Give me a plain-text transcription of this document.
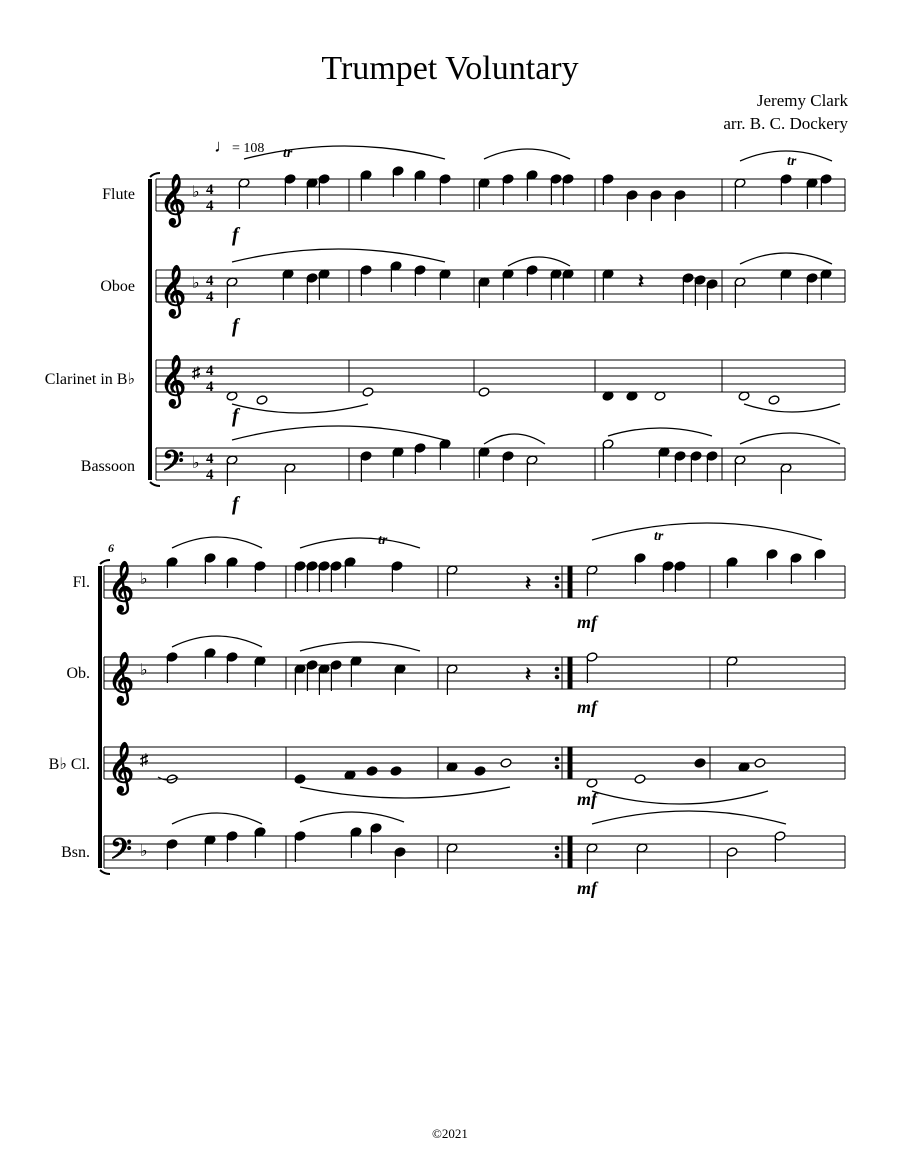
Trumpet Voluntary
Jeremy Clark
arr. B. C. Dockery
♩= 108
Flute
Oboe
Clarinet in B♭
Bassoon
Fl.
Ob.
B♭ Cl.
Bsn.
©2021
𝄞 ♭ 4
4
𝄞 ♭ 4
4
𝄞 ♯ 4
4
𝄢 ♭ 4
4
f
f
f
f
tr
tr
𝄽
6
𝄞 ♭
mf
𝄞 ♭
mf
𝄞 ♯
mf
𝄢 ♭
mf
tr	tr
𝄽
𝄽
